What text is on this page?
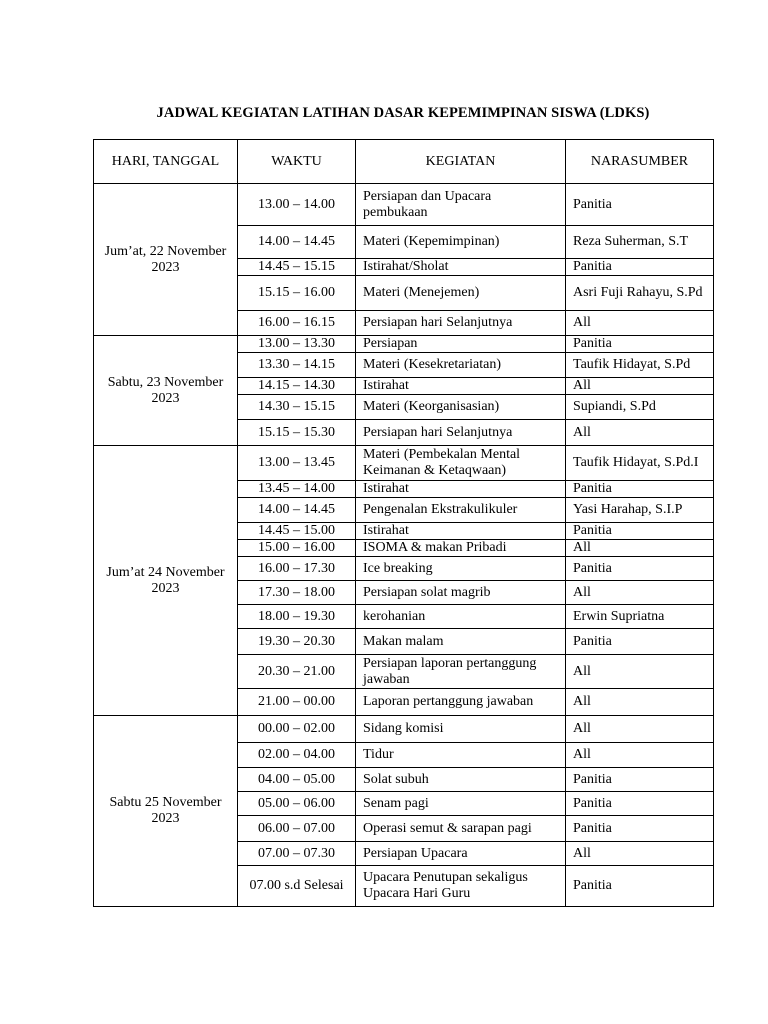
JADWAL KEGIATAN LATIHAN DASAR KEPEMIMPINAN SISWA (LDKS)
HARI, TANGGAL	WAKTU	KEGIATAN	NARASUMBER
Jum’at, 22 November 2023	13.00 – 14.00	Persiapan dan Upacara pembukaan	Panitia
	14.00 – 14.45	Materi (Kepemimpinan)	Reza Suherman, S.T
	14.45 – 15.15	Istirahat/Sholat	Panitia
	15.15 – 16.00	Materi (Menejemen)	Asri Fuji Rahayu, S.Pd
	16.00 – 16.15	Persiapan hari Selanjutnya	All
Sabtu, 23 November 2023	13.00 – 13.30	Persiapan	Panitia
	13.30 – 14.15	Materi (Kesekretariatan)	Taufik Hidayat, S.Pd
	14.15 – 14.30	Istirahat	All
	14.30 – 15.15	Materi (Keorganisasian)	Supiandi, S.Pd
	15.15 – 15.30	Persiapan hari Selanjutnya	All
Jum’at 24 November 2023	13.00 – 13.45	Materi (Pembekalan Mental Keimanan & Ketaqwaan)	Taufik Hidayat, S.Pd.I
	13.45 – 14.00	Istirahat	Panitia
	14.00 – 14.45	Pengenalan Ekstrakulikuler	Yasi Harahap, S.I.P
	14.45 – 15.00	Istirahat	Panitia
	15.00 – 16.00	ISOMA & makan Pribadi	All
	16.00 – 17.30	Ice breaking	Panitia
	17.30 – 18.00	Persiapan solat magrib	All
	18.00 – 19.30	kerohanian	Erwin Supriatna
	19.30 – 20.30	Makan malam	Panitia
	20.30 – 21.00	Persiapan laporan pertanggung jawaban	All
	21.00 – 00.00	Laporan pertanggung jawaban	All
Sabtu 25 November 2023	00.00 – 02.00	Sidang komisi	All
	02.00 – 04.00	Tidur	All
	04.00 – 05.00	Solat subuh	Panitia
	05.00 – 06.00	Senam pagi	Panitia
	06.00 – 07.00	Operasi semut & sarapan pagi	Panitia
	07.00 – 07.30	Persiapan Upacara	All
	07.00 s.d Selesai	Upacara Penutupan sekaligus Upacara Hari Guru	Panitia
